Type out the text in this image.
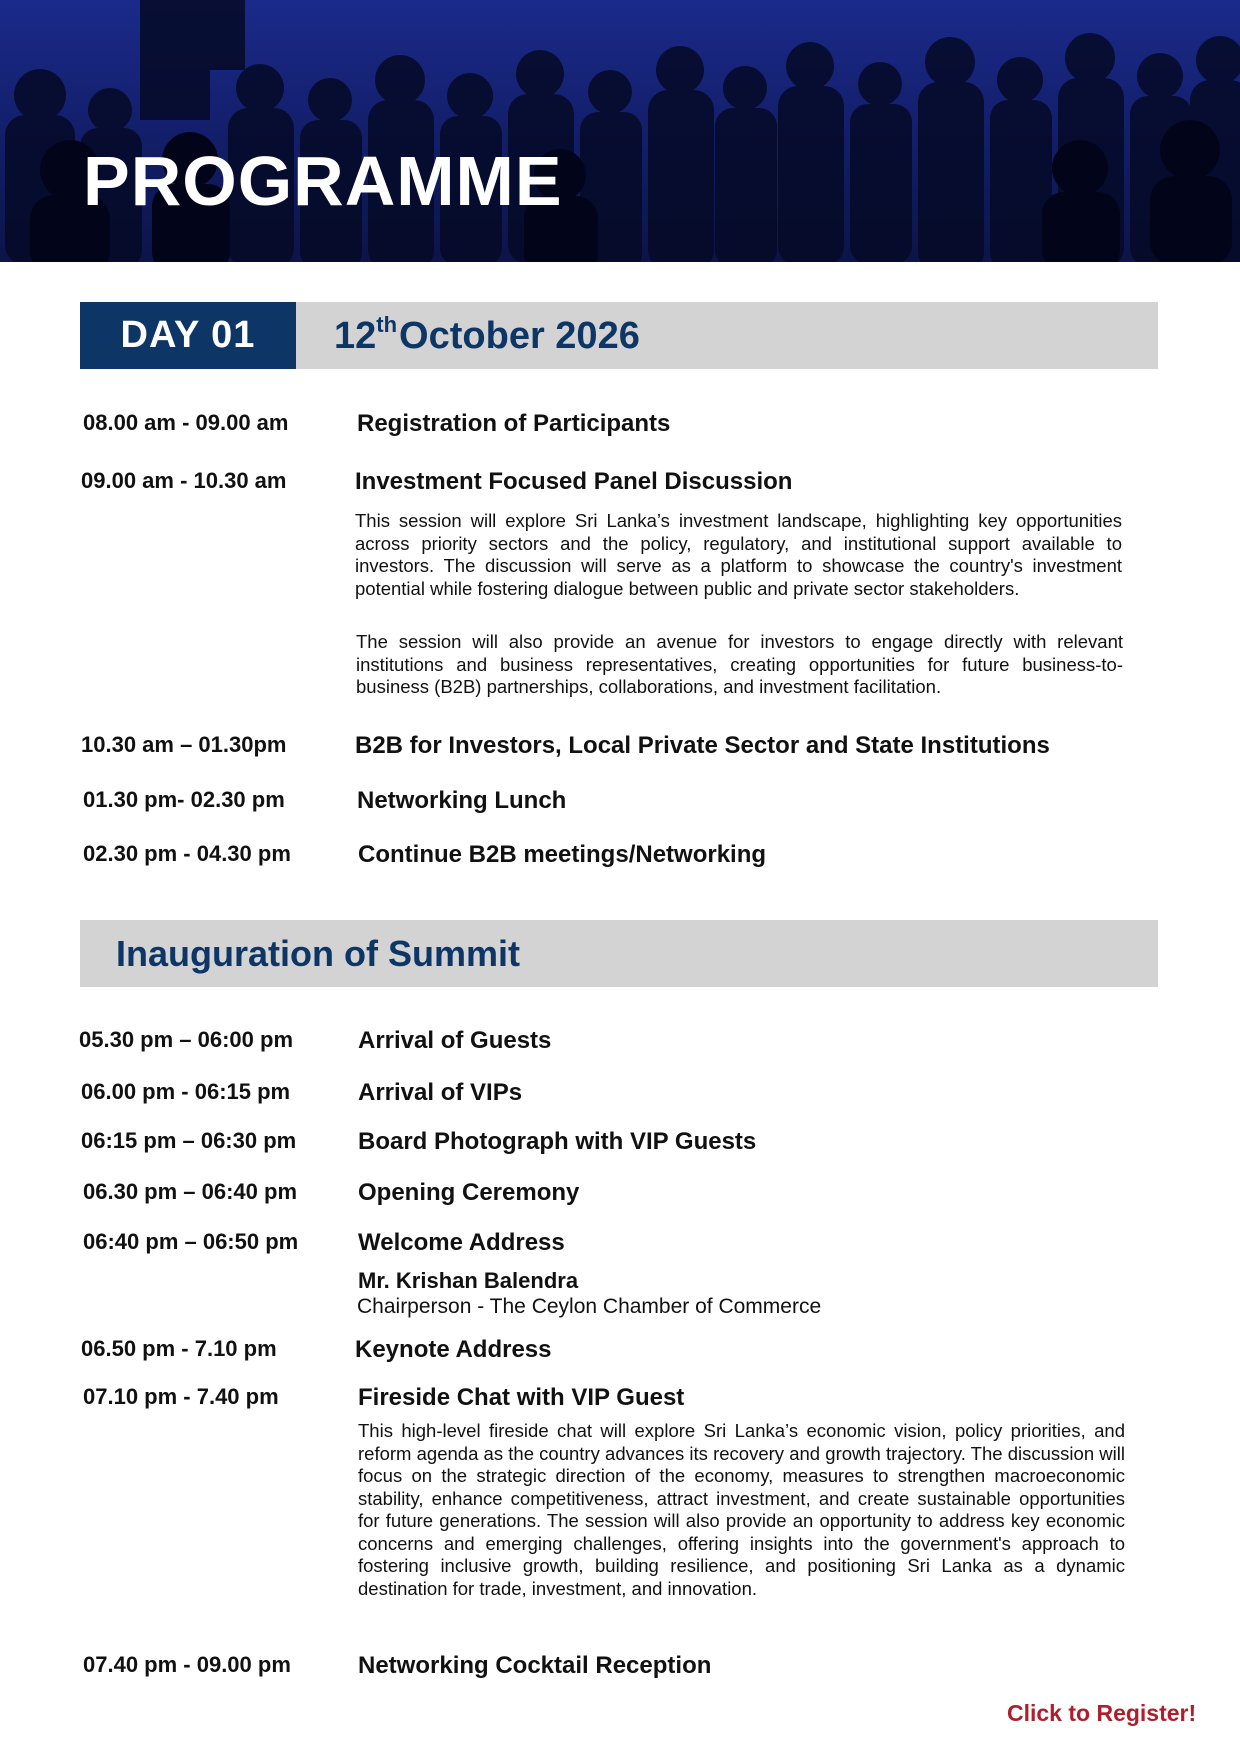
PROGRAMME
DAY 01	12thOctober 2026
08.00 am - 09.00 am	Registration of Participants
09.00 am - 10.30 am	Investment Focused Panel Discussion

This session will explore Sri Lanka’s investment landscape, highlighting key opportunities across priority sectors and the policy, regulatory, and institutional support available to investors. The discussion will serve as a platform to showcase the country's investment potential while fostering dialogue between public and private sector stakeholders.

The session will also provide an avenue for investors to engage directly with relevant institutions and business representatives, creating opportunities for future business-to-business (B2B) partnerships, collaborations, and investment facilitation.

10.30 am – 01.30pm	B2B for Investors, Local Private Sector and State Institutions
01.30 pm- 02.30 pm	Networking Lunch
02.30 pm - 04.30 pm	Continue B2B meetings/Networking
Inauguration of Summit
05.30 pm – 06:00 pm	Arrival of Guests
06.00 pm - 06:15 pm	Arrival of VIPs
06:15 pm – 06:30 pm	Board Photograph with VIP Guests
06.30 pm – 06:40 pm	Opening Ceremony
06:40 pm – 06:50 pm Welcome Address
Mr. Krishan Balendra
Chairperson - The Ceylon Chamber of Commerce
06.50 pm - 7.10 pm	Keynote Address
07.10 pm - 7.40 pm	Fireside Chat with VIP Guest

This high-level fireside chat will explore Sri Lanka’s economic vision, policy priorities, and reform agenda as the country advances its recovery and growth trajectory. The discussion will focus on the strategic direction of the economy, measures to strengthen macroeconomic stability, enhance competitiveness, attract investment, and create sustainable opportunities for future generations. The session will also provide an opportunity to address key economic concerns and emerging challenges, offering insights into the government's approach to fostering inclusive growth, building resilience, and positioning Sri Lanka as a dynamic destination for trade, investment, and innovation.

07.40 pm - 09.00 pm	Networking Cocktail Reception
Click to Register!
